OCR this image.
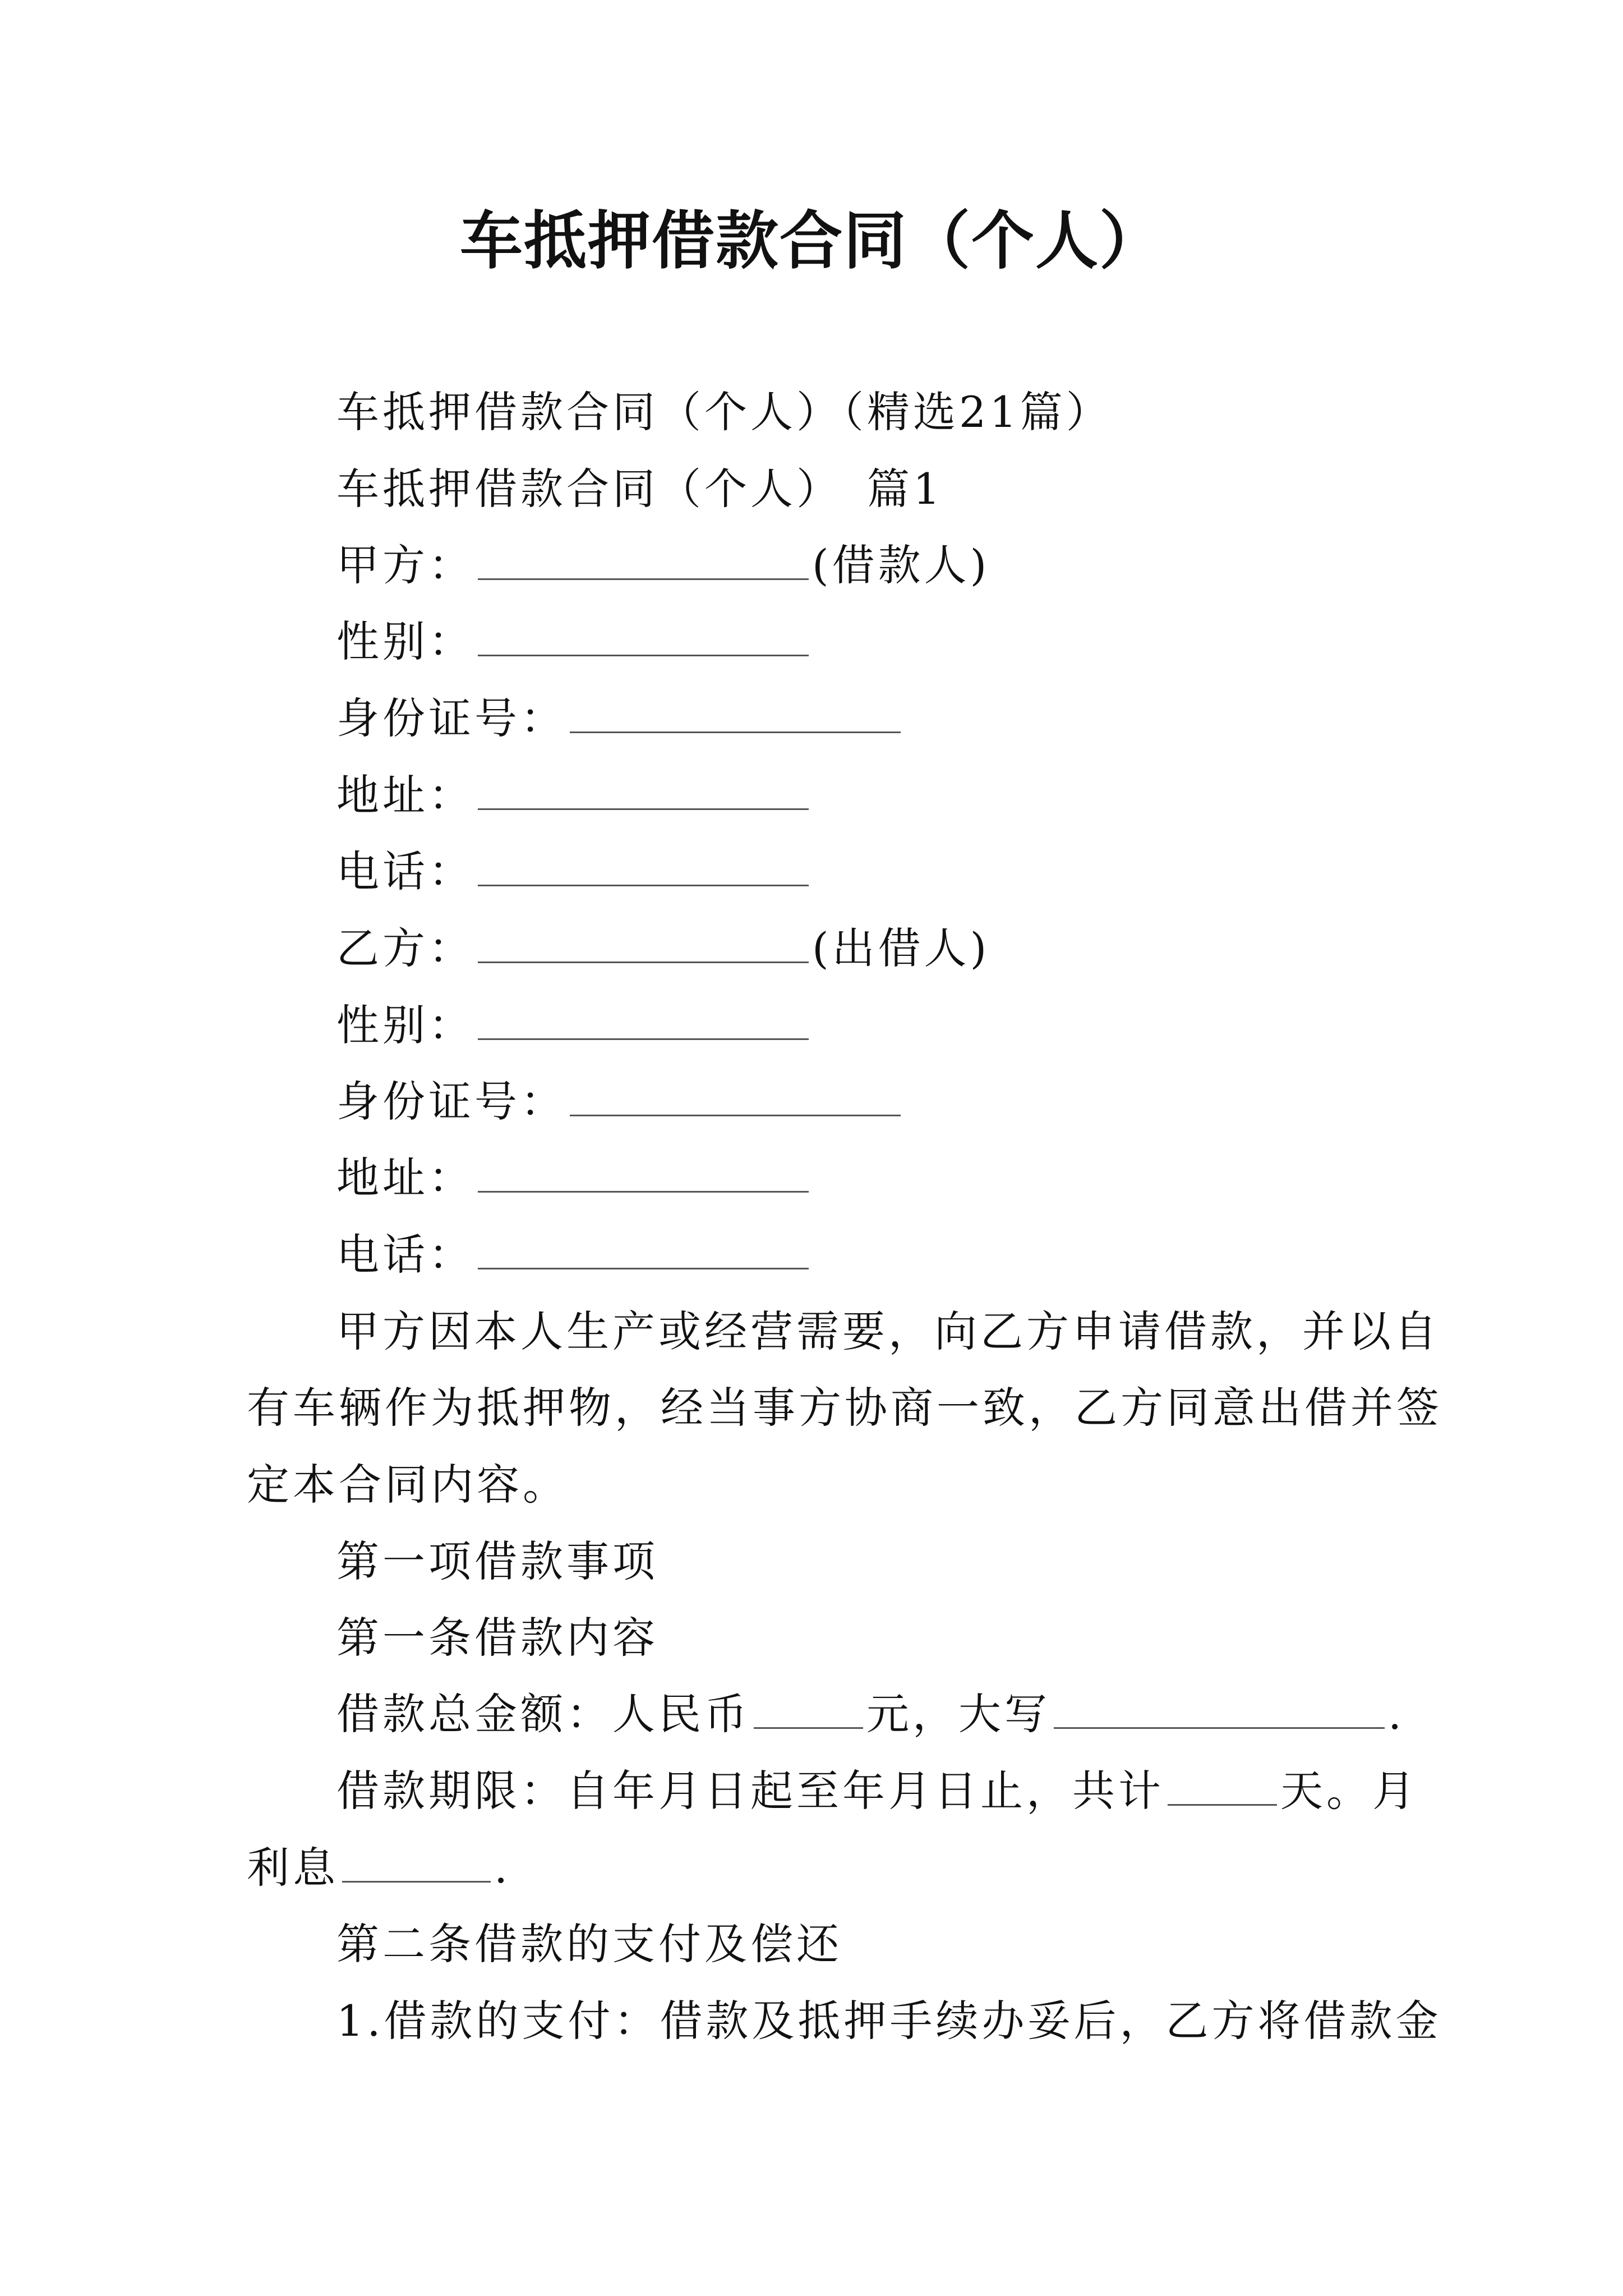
车抵押借款合同（个人）
车抵押借款合同（个人）（精选21篇）
车抵押借款合同（个人）　篇1
甲方：	(借款人)
性别：
身份证号：
地址：
电话：
乙方：	(出借人)
性别：
身份证号：
地址：
电话：
甲方因本人生产或经营需要，向乙方申请借款，并以自
有车辆作为抵押物，经当事方协商一致，乙方同意出借并签
定本合同内容。
第一项借款事项
第一条借款内容
借款总金额：人民币	元，大写	.
借款期限：自年月日起至年月日止，共计	天。月
利息	.
第二条借款的支付及偿还
1.借款的支付：借款及抵押手续办妥后，乙方将借款金
